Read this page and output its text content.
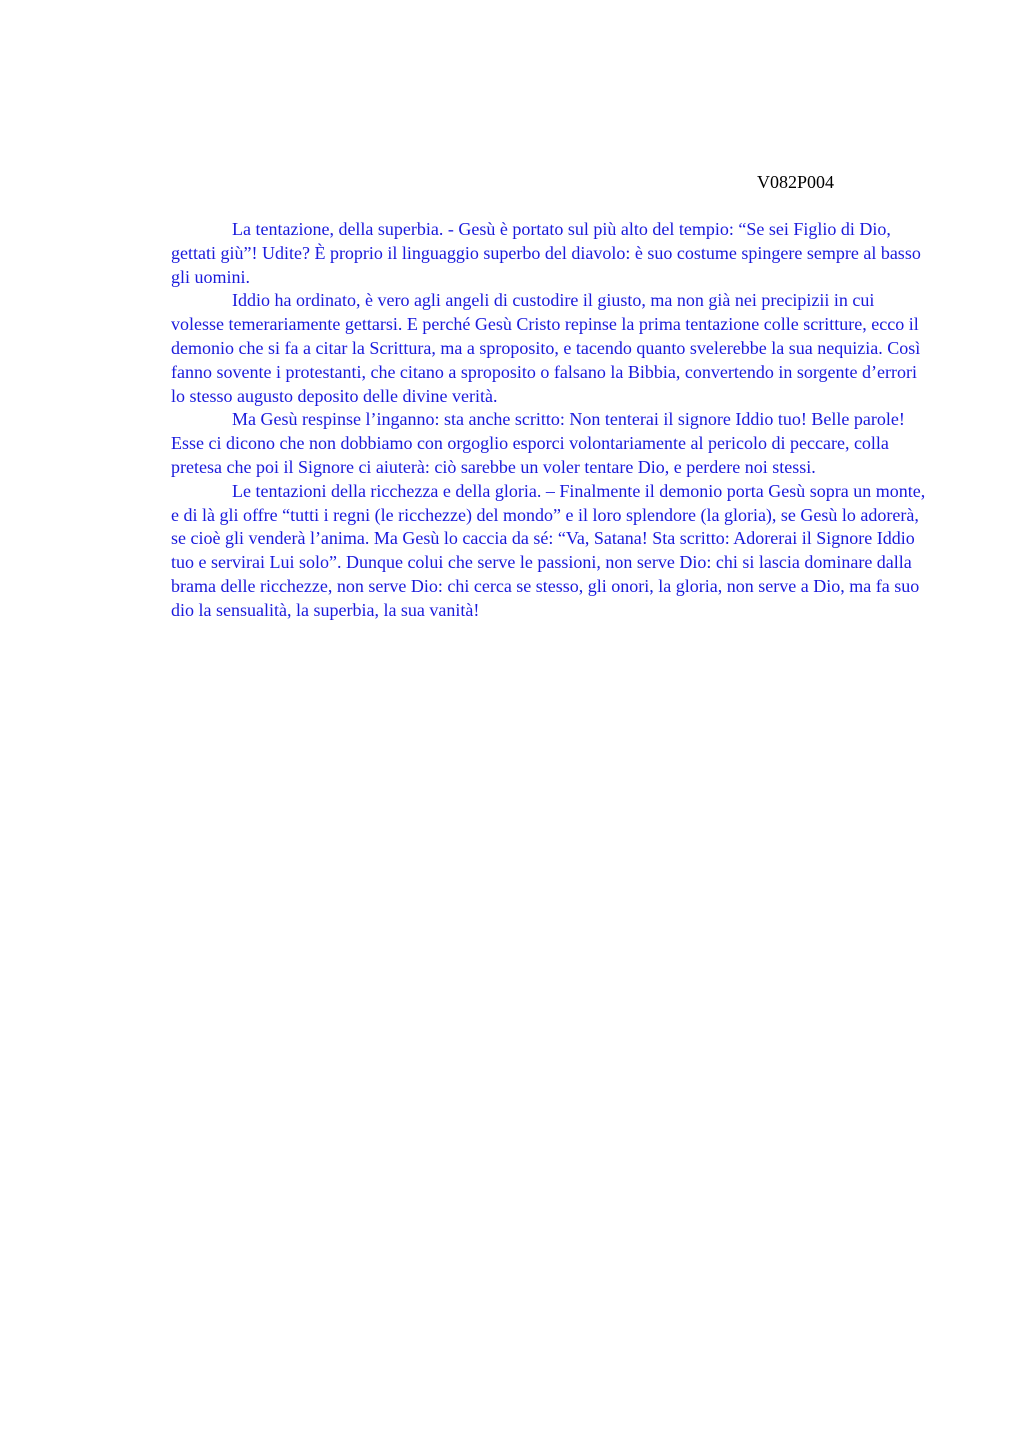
V082P004

La tentazione, della superbia. - Gesù è portato sul più alto del tempio: “Se sei Figlio di Dio, gettati giù”! Udite? È proprio il linguaggio superbo del diavolo: è suo costume spingere sempre al basso gli uomini.

Iddio ha ordinato, è vero agli angeli di custodire il giusto, ma non già nei precipizii in cui volesse temerariamente gettarsi. E perché Gesù Cristo repinse la prima tentazione colle scritture, ecco il demonio che si fa a citar la Scrittura, ma a sproposito, e tacendo quanto svelerebbe la sua nequizia. Così fanno sovente i protestanti, che citano a sproposito o falsano la Bibbia, convertendo in sorgente d’errori lo stesso augusto deposito delle divine verità.

Ma Gesù respinse l’inganno: sta anche scritto: Non tenterai il signore Iddio tuo! Belle parole! Esse ci dicono che non dobbiamo con orgoglio esporci volontariamente al pericolo di peccare, colla pretesa che poi il Signore ci aiuterà: ciò sarebbe un voler tentare Dio, e perdere noi stessi.

Le tentazioni della ricchezza e della gloria. – Finalmente il demonio porta Gesù sopra un monte, e di là gli offre “tutti i regni (le ricchezze) del mondo” e il loro splendore (la gloria), se Gesù lo adorerà, se cioè gli venderà l’anima. Ma Gesù lo caccia da sé: “Va, Satana! Sta scritto: Adorerai il Signore Iddio tuo e servirai Lui solo”. Dunque colui che serve le passioni, non serve Dio: chi si lascia dominare dalla brama delle ricchezze, non serve Dio: chi cerca se stesso, gli onori, la gloria, non serve a Dio, ma fa suo dio la sensualità, la superbia, la sua vanità!
